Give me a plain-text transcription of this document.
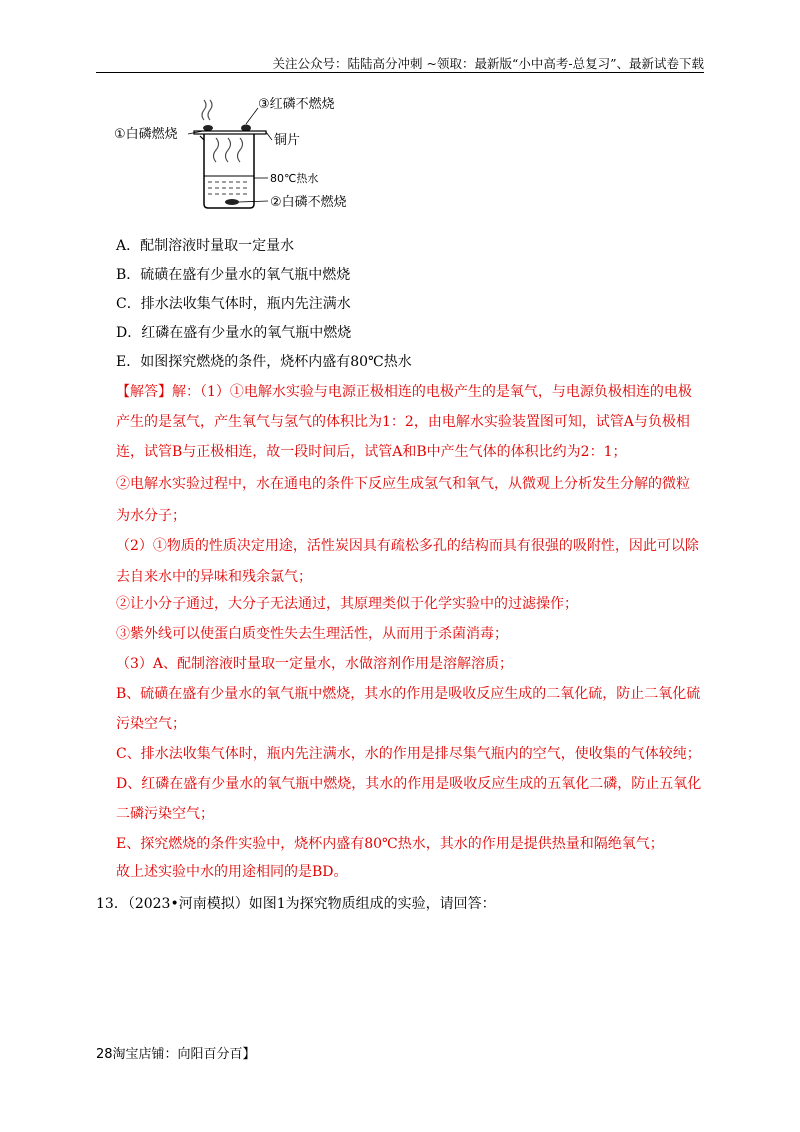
关注公众号：陆陆高分冲刺 ~领取：最新版“小中高考-总复习”、最新试卷下载
①白磷燃烧
③红磷不燃烧
铜片
80℃热水
②白磷不燃烧
A．配制溶液时量取一定量水
B．硫磺在盛有少量水的氧气瓶中燃烧
C．排水法收集气体时，瓶内先注满水
D．红磷在盛有少量水的氧气瓶中燃烧
E．如图探究燃烧的条件，烧杯内盛有80℃热水
【解答】解：（1）①电解水实验与电源正极相连的电极产生的是氧气，与电源负极相连的电极
产生的是氢气，产生氧气与氢气的体积比为1：2，由电解水实验装置图可知，试管A与负极相
连，试管B与正极相连，故一段时间后，试管A和B中产生气体的体积比约为2：1；
②电解水实验过程中，水在通电的条件下反应生成氢气和氧气，从微观上分析发生分解的微粒
为水分子；
（2）①物质的性质决定用途，活性炭因具有疏松多孔的结构而具有很强的吸附性，因此可以除
去自来水中的异味和残余氯气；
②让小分子通过，大分子无法通过，其原理类似于化学实验中的过滤操作；
③紫外线可以使蛋白质变性失去生理活性，从而用于杀菌消毒；
（3）A、配制溶液时量取一定量水，水做溶剂作用是溶解溶质；
B、硫磺在盛有少量水的氧气瓶中燃烧，其水的作用是吸收反应生成的二氧化硫，防止二氧化硫
污染空气；
C、排水法收集气体时，瓶内先注满水，水的作用是排尽集气瓶内的空气，使收集的气体较纯；
D、红磷在盛有少量水的氧气瓶中燃烧，其水的作用是吸收反应生成的五氧化二磷，防止五氧化
二磷污染空气；
E、探究燃烧的条件实验中，烧杯内盛有80℃热水，其水的作用是提供热量和隔绝氧气；
故上述实验中水的用途相同的是BD。
13．（2023•河南模拟）如图1为探究物质组成的实验，请回答：
28淘宝店铺：向阳百分百】
